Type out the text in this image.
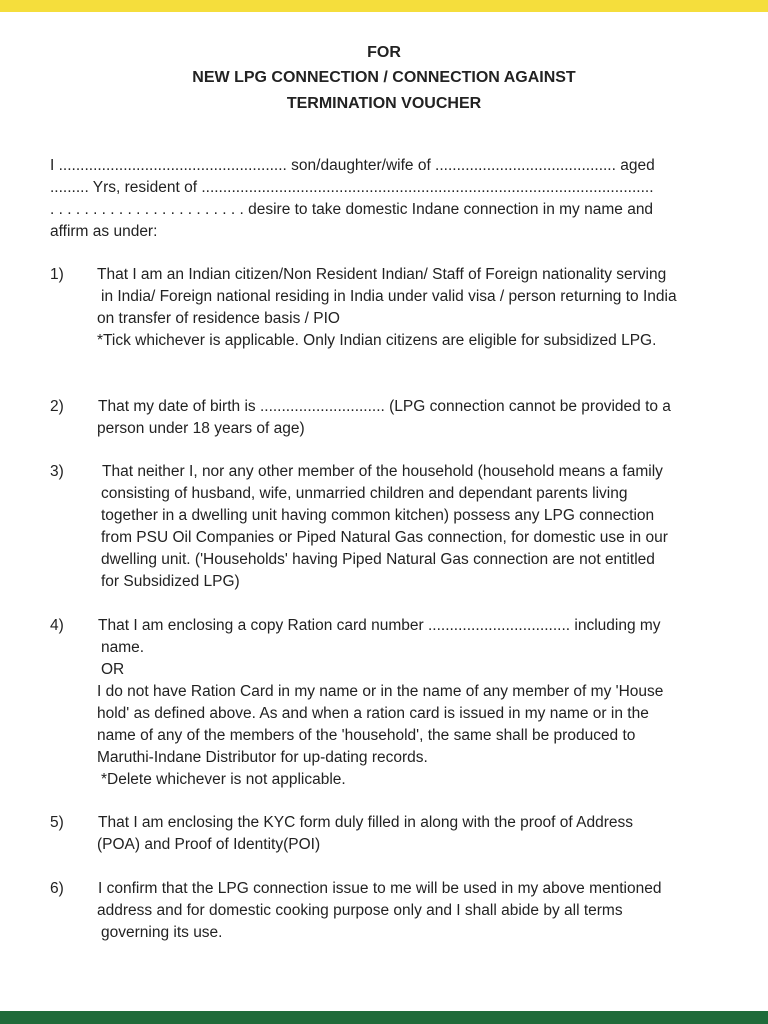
FOR
NEW LPG CONNECTION / CONNECTION AGAINST
TERMINATION VOUCHER
I ..................................................... son/daughter/wife of .......................................... aged
......... Yrs, resident of .........................................................................................................
. . . . . . . . . . . . . . . . . . . . . . . desire to take domestic Indane connection in my name and
affirm as under:
1) That I am an Indian citizen/Non Resident Indian/ Staff of Foreign nationality serving
in India/ Foreign national residing in India under valid visa / person returning to India
on transfer of residence basis / PIO
*Tick whichever is applicable. Only Indian citizens are eligible for subsidized LPG.
2) That my date of birth is ............................. (LPG connection cannot be provided to a
person under 18 years of age)
3) That neither I, nor any other member of the household (household means a family
consisting of husband, wife, unmarried children and dependant parents living
together in a dwelling unit having common kitchen) possess any LPG connection
from PSU Oil Companies or Piped Natural Gas connection, for domestic use in our
dwelling unit. ('Households' having Piped Natural Gas connection are not entitled
for Subsidized LPG)
4) That I am enclosing a copy Ration card number ................................. including my
name.
OR
I do not have Ration Card in my name or in the name of any member of my 'House
hold' as defined above. As and when a ration card is issued in my name or in the
name of any of the members of the 'household', the same shall be produced to
Maruthi-Indane Distributor for up-dating records.
*Delete whichever is not applicable.
5) That I am enclosing the KYC form duly filled in along with the proof of Address
(POA) and Proof of Identity(POI)
6) I confirm that the LPG connection issue to me will be used in my above mentioned
address and for domestic cooking purpose only and I shall abide by all terms
governing its use.
